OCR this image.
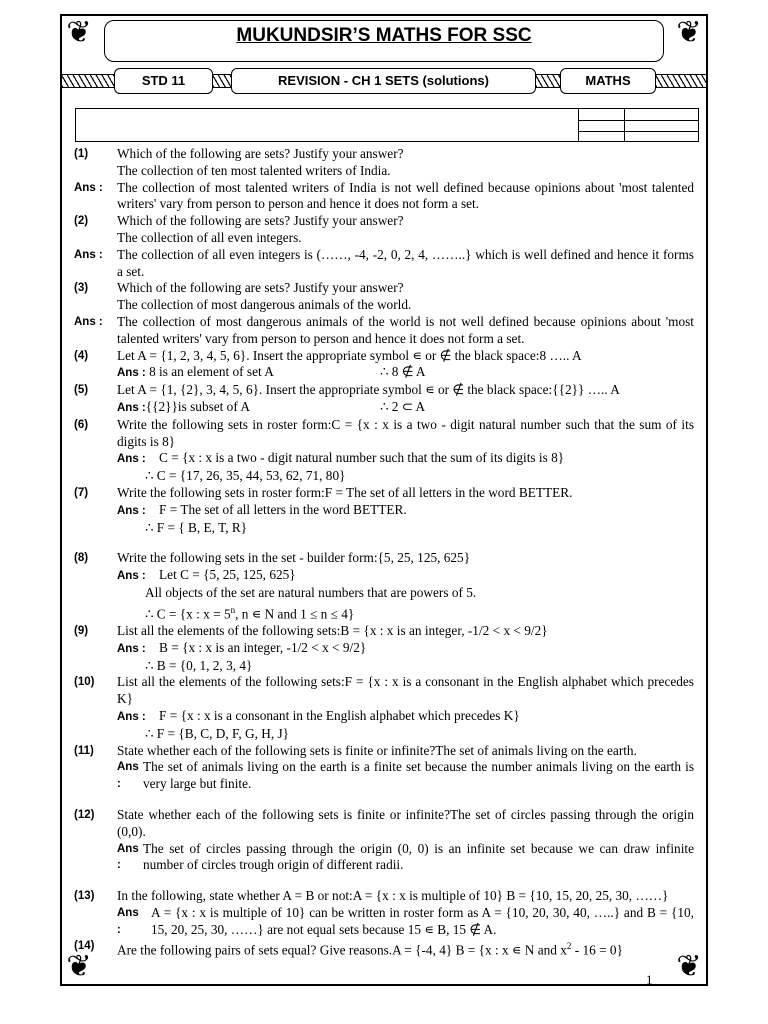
❦	❦
❦	❦
MUKUNDSIR’S MATHS FOR SSC
STD 11	REVISION - CH 1 SETS (solutions)	MATHS
(1)	Which of the following are sets? Justify your answer?
The collection of ten most talented writers of India.
Ans :	The collection of most talented writers of India is not well defined because opinions about 'most talented writers' vary from person to person and hence it does not form a set.
(2)	Which of the following are sets? Justify your answer?
The collection of all even integers.
Ans :	The collection of all even integers is (……, -4, -2, 0, 2, 4, ……..} which is well defined and hence it forms a set.
(3)	Which of the following are sets? Justify your answer?
The collection of most dangerous animals of the world.
Ans :	The collection of most dangerous animals of the world is not well defined because opinions about 'most talented writers' vary from person to person and hence it does not form a set.
(4)	Let A = {1, 2, 3, 4, 5, 6}. Insert the appropriate symbol ∊ or ∉ the black space:8 ….. A
Ans : 8 is an element of set A	∴ 8 ∉ A
(5)	Let A = {1, {2}, 3, 4, 5, 6}. Insert the appropriate symbol ∊ or ∉ the black space:{{2}} ….. A
Ans :{{2}}is subset of A	∴ 2 ⊂ A
(6)	Write the following sets in roster form:C = {x : x is a two - digit natural number such that the sum of its digits is 8}
Ans : C = {x : x is a two - digit natural number such that the sum of its digits is 8}
∴ C = {17, 26, 35, 44, 53, 62, 71, 80}
(7)	Write the following sets in roster form:F = The set of all letters in the word BETTER.
Ans : F = The set of all letters in the word BETTER.
∴ F = { B, E, T, R}
(8)	Write the following sets in the set - builder form:{5, 25, 125, 625}
Ans : Let C = {5, 25, 125, 625}
All objects of the set are natural numbers that are powers of 5.
∴ C = {x : $x = 5^n$, n ∊ N and 1 ≤ n ≤ 4}
(9)	List all the elements of the following sets:B = {x : x is an integer, -1/2 < x < 9/2}
Ans : B = {x : x is an integer, -1/2 < x < 9/2}
∴ B = {0, 1, 2, 3, 4}
(10)	List all the elements of the following sets:F = {x : x is a consonant in the English alphabet which precedes K}
Ans : F = {x : x is a consonant in the English alphabet which precedes K}
∴ F = {B, C, D, F, G, H, J}
(11)	State whether each of the following sets is finite or infinite?The set of animals living on the earth.
Ans :
The set of animals living on the earth is a finite set because the number animals living on the earth is very large but finite.
(12)	State whether each of the following sets is finite or infinite?The set of circles passing through the origin (0,0).
Ans :
The set of circles passing through the origin (0, 0) is an infinite set because we can draw infinite number of circles trough origin of different radii.
(13)	In the following, state whether A = B or not:A = {x : x is multiple of 10} B = {10, 15, 20, 25, 30, ……}
Ans :
A = {x : x is multiple of 10} can be written in roster form as A = {10, 20, 30, 40, …..} and B = {10, 15, 20, 25, 30, ……} are not equal sets because 15 ∊ B, 15 ∉ A.
(14)	Are the following pairs of sets equal? Give reasons.A = {-4, 4} B = {x : x ∊ N and $x^2 - 16 = 0$}
1
